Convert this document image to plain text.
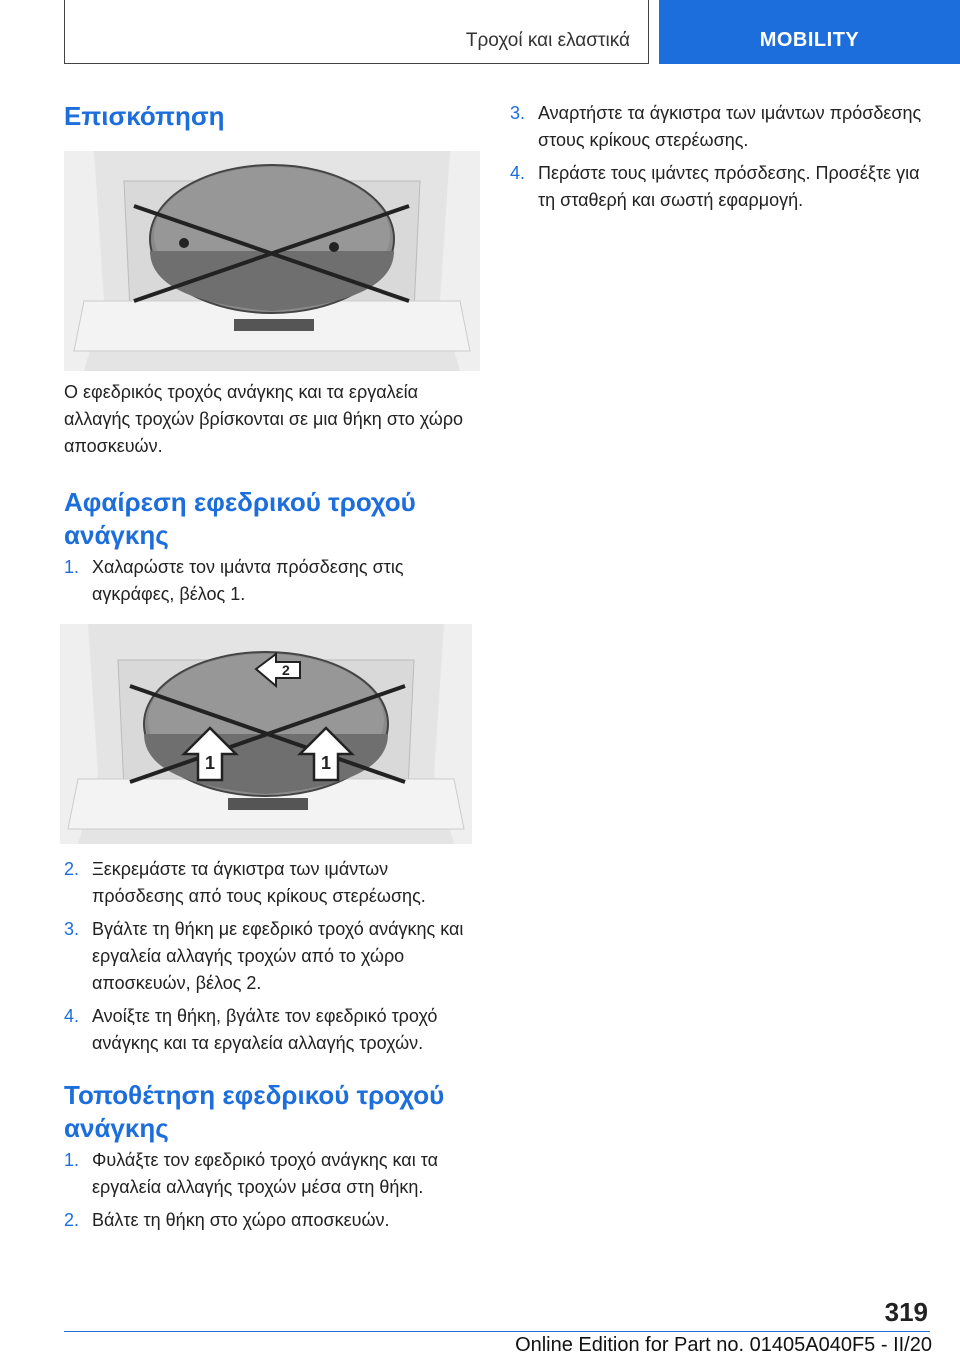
Τροχοί και ελαστικά	MOBILITY
Επισκόπηση

Ο εφεδρικός τροχός ανάγκης και τα εργαλεία αλλαγής τροχών βρίσκονται σε μια θήκη στο χώρο αποσκευών.

Αφαίρεση εφεδρικού τροχού ανάγκης
1. Χαλαρώστε τον ιμάντα πρόσδεσης στις αγκράφες, βέλος 1.
2
1	1
2. Ξεκρεμάστε τα άγκιστρα των ιμάντων πρόσδεσης από τους κρίκους στερέωσης.
3. Βγάλτε τη θήκη με εφεδρικό τροχό ανάγκης και εργαλεία αλλαγής τροχών από το χώρο αποσκευών, βέλος 2.
4. Ανοίξτε τη θήκη, βγάλτε τον εφεδρικό τροχό ανάγκης και τα εργαλεία αλλαγής τροχών.
Τοποθέτηση εφεδρικού τροχού ανάγκης
1. Φυλάξτε τον εφεδρικό τροχό ανάγκης και τα εργαλεία αλλαγής τροχών μέσα στη θήκη.
2. Βάλτε τη θήκη στο χώρο αποσκευών.
3. Αναρτήστε τα άγκιστρα των ιμάντων πρόσδεσης στους κρίκους στερέωσης.
4. Περάστε τους ιμάντες πρόσδεσης. Προσέξτε για τη σταθερή και σωστή εφαρμογή.
319
Online Edition for Part no. 01405A040F5 - II/20
